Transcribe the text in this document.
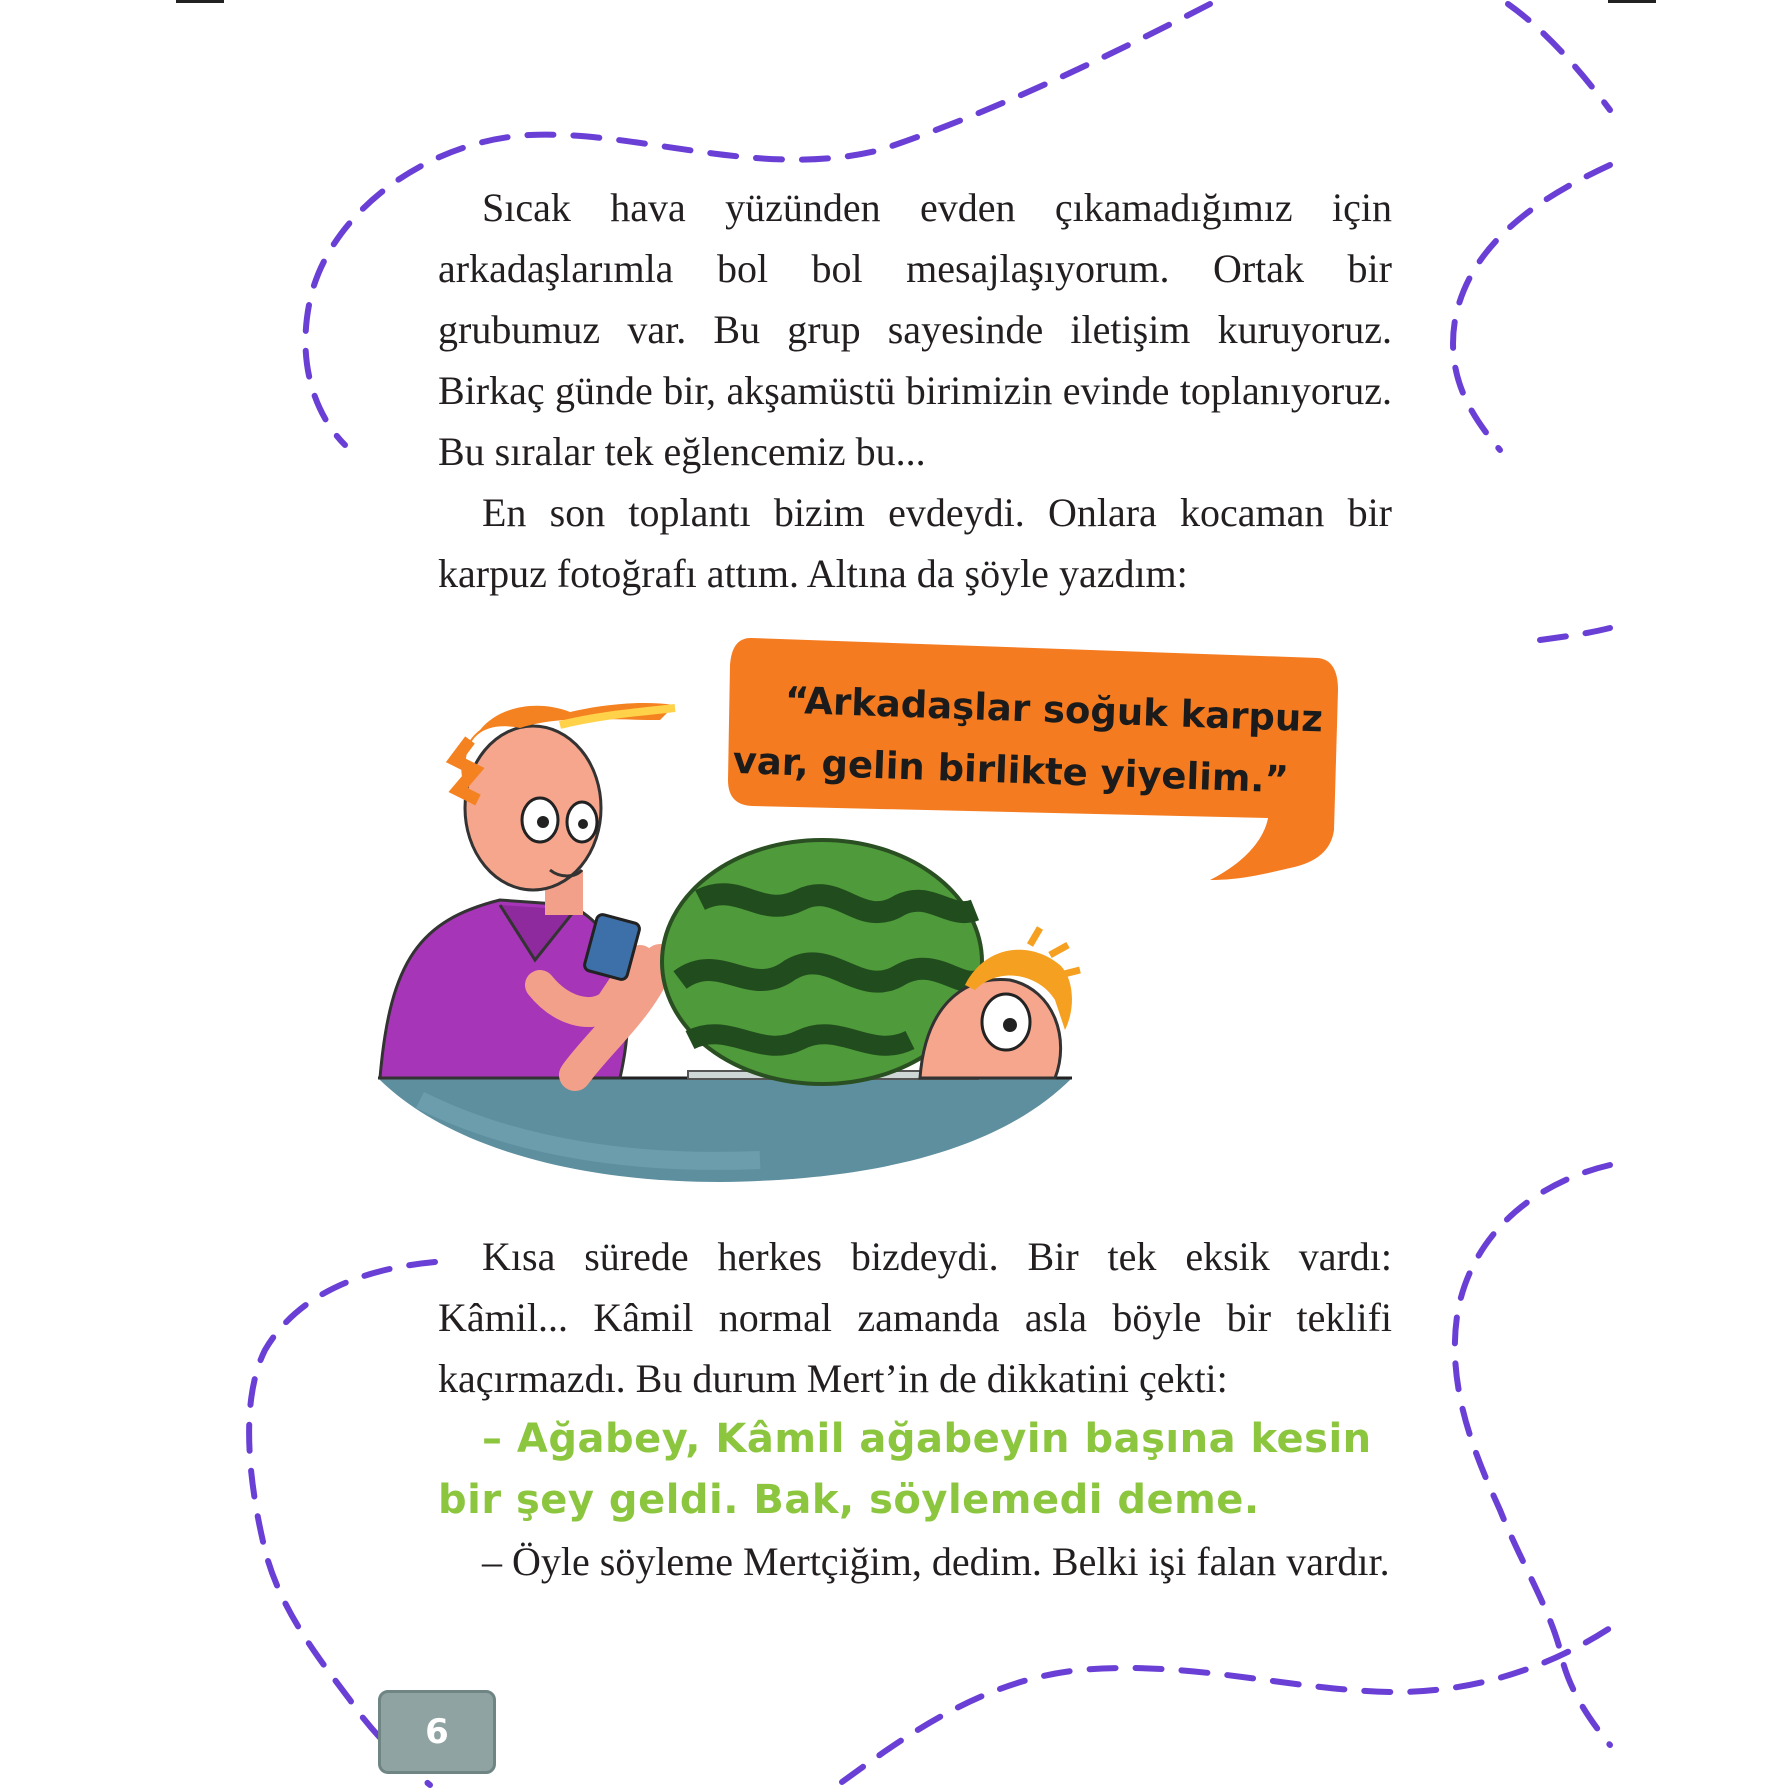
Sıcak hava yüzünden evden çıkamadığımız için arkadaşlarımla bol bol mesajlaşıyorum. Ortak bir grubumuz var. Bu grup sayesinde iletişim kuruyoruz. Birkaç günde bir, akşamüstü birimizin evinde toplanıyoruz. Bu sıralar tek eğlencemiz bu...

En son toplantı bizim evdeydi. Onlara kocaman bir karpuz fotoğrafı attım. Altına da şöyle yazdım:

“Arkadaşlar soğuk karpuz var, gelin birlikte yiyelim.”

Kısa sürede herkes bizdeydi. Bir tek eksik vardı: Kâmil... Kâmil normal zamanda asla böyle bir teklifi kaçırmazdı. Bu durum Mert’in de dikkatini çekti:

– Ağabey, Kâmil ağabeyin başına kesin bir şey geldi. Bak, söylemedi deme.

– Öyle söyleme Mertçiğim, dedim. Belki işi falan vardır.

6
